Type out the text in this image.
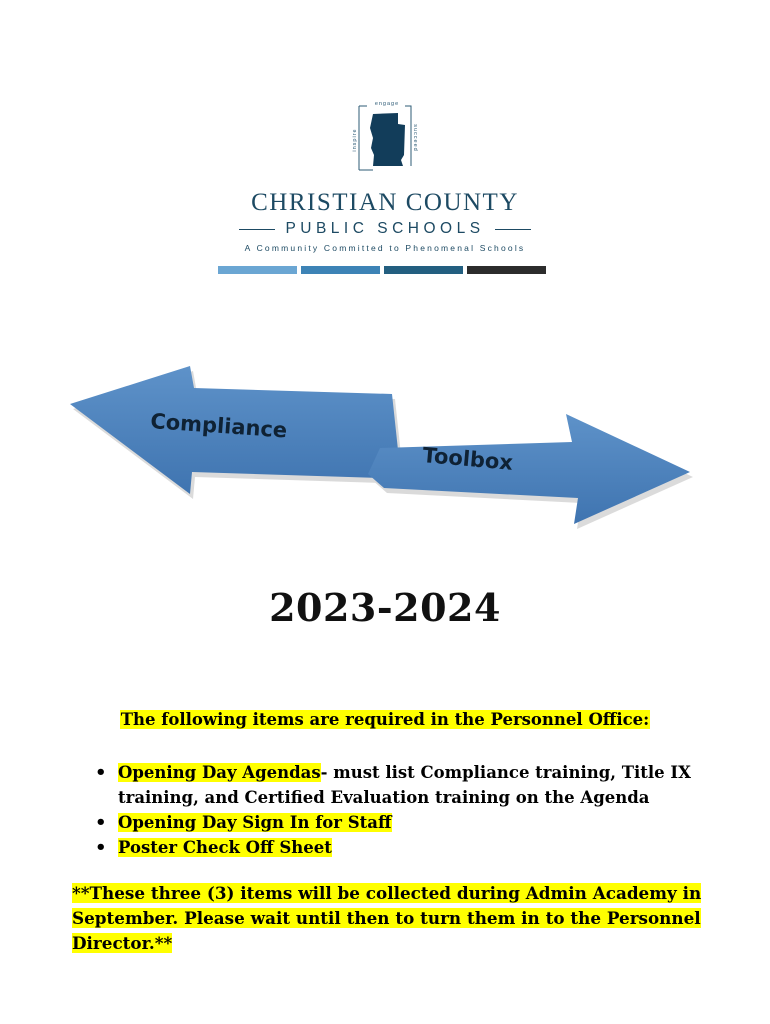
engage
inspire	succeed
CHRISTIAN COUNTY
PUBLIC SCHOOLS
A Community Committed to Phenomenal Schools
Compliance
Toolbox
2023-2024
The following items are required in the Personnel Office:
• Opening Day Agendas- must list Compliance training, Title IX training, and Certified Evaluation training on the Agenda
• Opening Day Sign In for Staff
• Poster Check Off Sheet
**These three (3) items will be collected during Admin Academy in September. Please wait until then to turn them in to the Personnel Director.**
